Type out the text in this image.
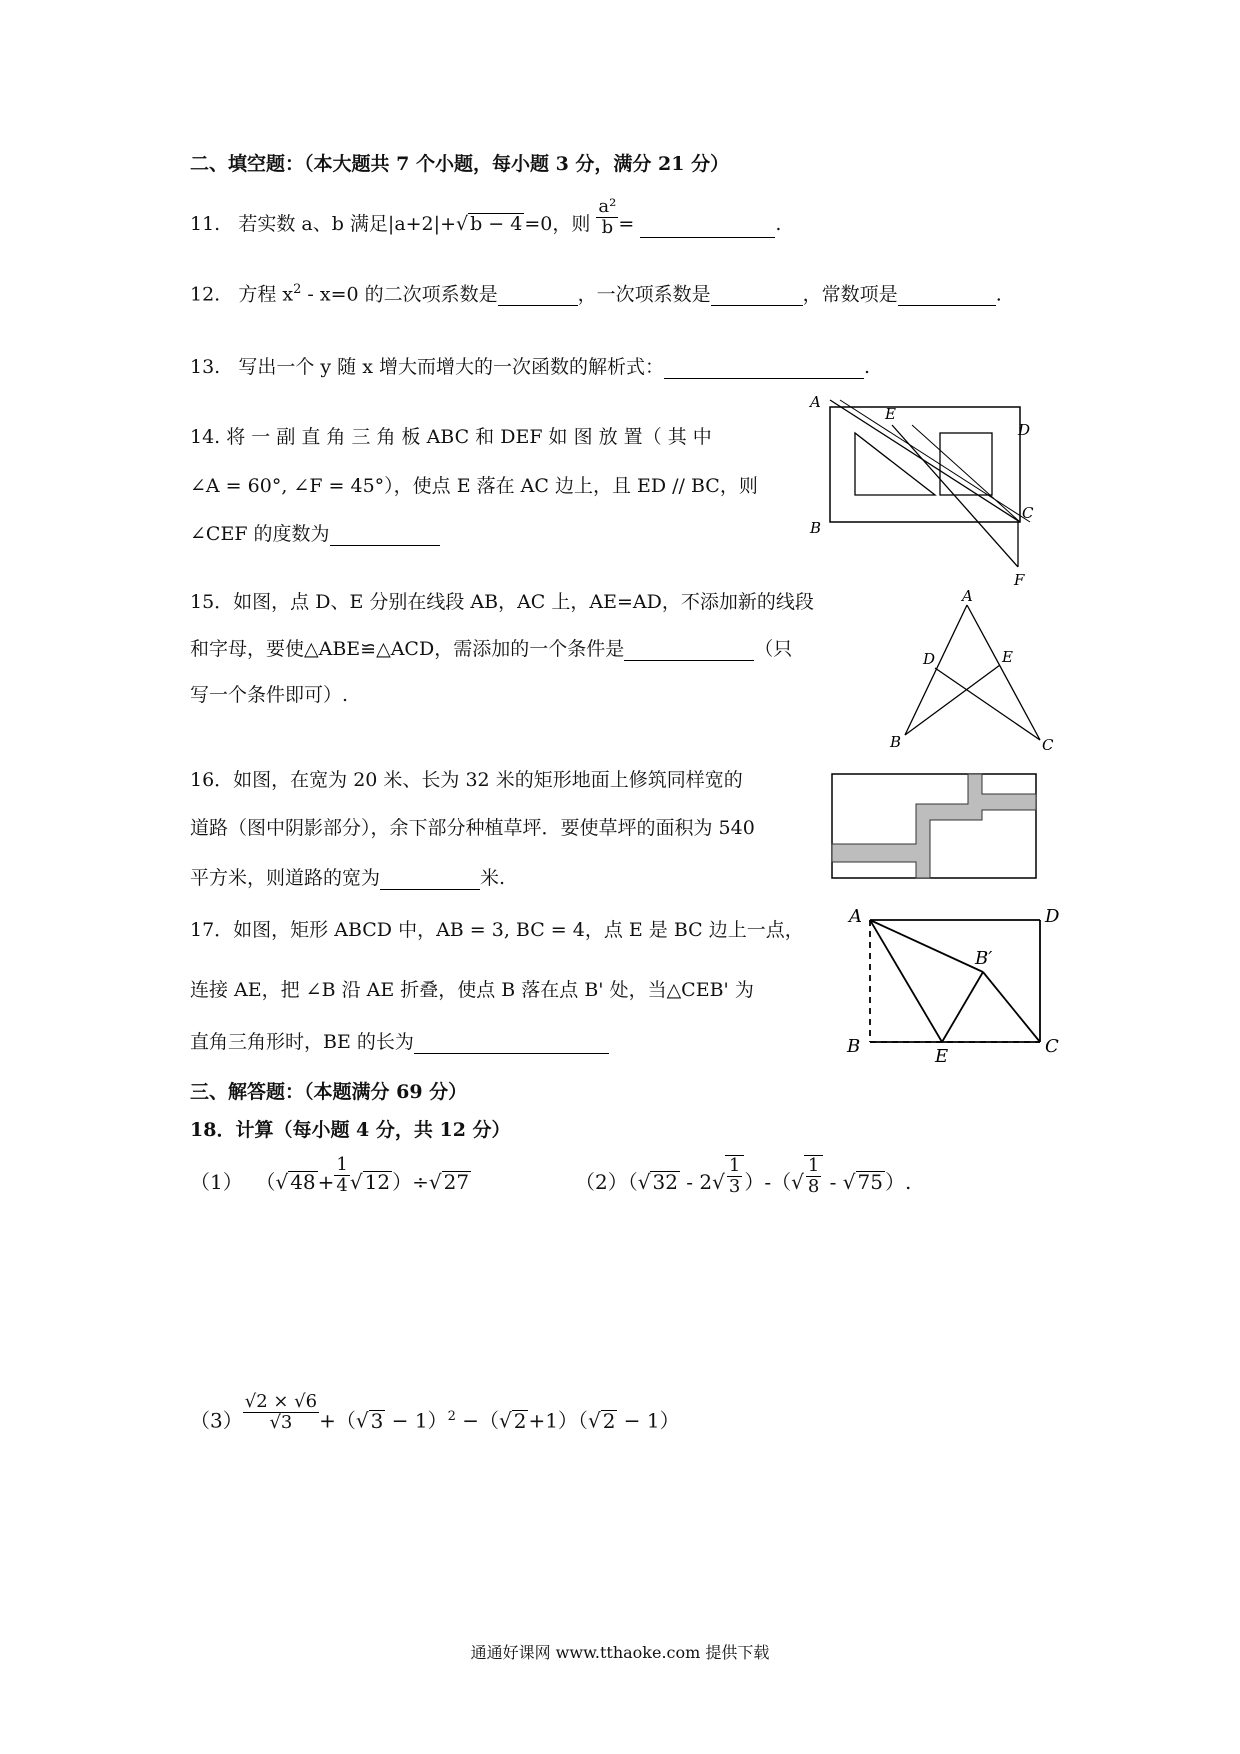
二、填空题：（本大题共 7 个小题，每小题 3 分，满分 21 分）
11. 若实数 a、b 满足|a+2|+√ b − 4 =0，则 $\frac{\text{a²}}{b}$ =	.
12. 方程 $x^2 - x=0$ 的二次项系数是	，一次项系数是	，常数项是	.
13. 写出一个 y 随 x 增大而增大的一次函数的解析式：	.
14. 将 一 副 直 角 三 角 板 ABC 和 DEF 如 图 放 置（ 其 中
∠A = 60°, ∠F = 45°），使点 E 落在 AC 边上，且 ED // BC，则
∠CEF 的度数为
A
E
D
B
C
F
15．如图，点 D、E 分别在线段 AB，AC 上，AE=AD，不添加新的线段
和字母，要使△ABE≌△ACD，需添加的一个条件是	（只
写一个条件即可）.
A
D	E
B	C
16．如图，在宽为 20 米、长为 32 米的矩形地面上修筑同样宽的
道路（图中阴影部分），余下部分种植草坪．要使草坪的面积为 540
平方米，则道路的宽为	米.
17．如图，矩形 ABCD 中，AB = 3, BC = 4，点 E 是 BC 边上一点，
连接 AE，把 ∠B 沿 AE 折叠，使点 B 落在点 B' 处，当△CEB' 为
直角三角形时，BE 的长为
A	D
B′
B	E	C
三、解答题：（本题满分 69 分）
18．计算（每小题 4 分，共 12 分）
（1） （√ $48 + \frac{1}{4}$ √ 12 ）÷√ 27	（2）（√ $32 - 2√ \frac{1}{3}$ ）-（√ $\frac{1}{8}$ - √ 75 ）.
$(3) \frac{√2 \times √6}{√3}$ +（√ 3 − 1）$^2$ −（√ 2 +1）（√ 2 − 1）
通通好课网 www.tthaoke.com 提供下载
